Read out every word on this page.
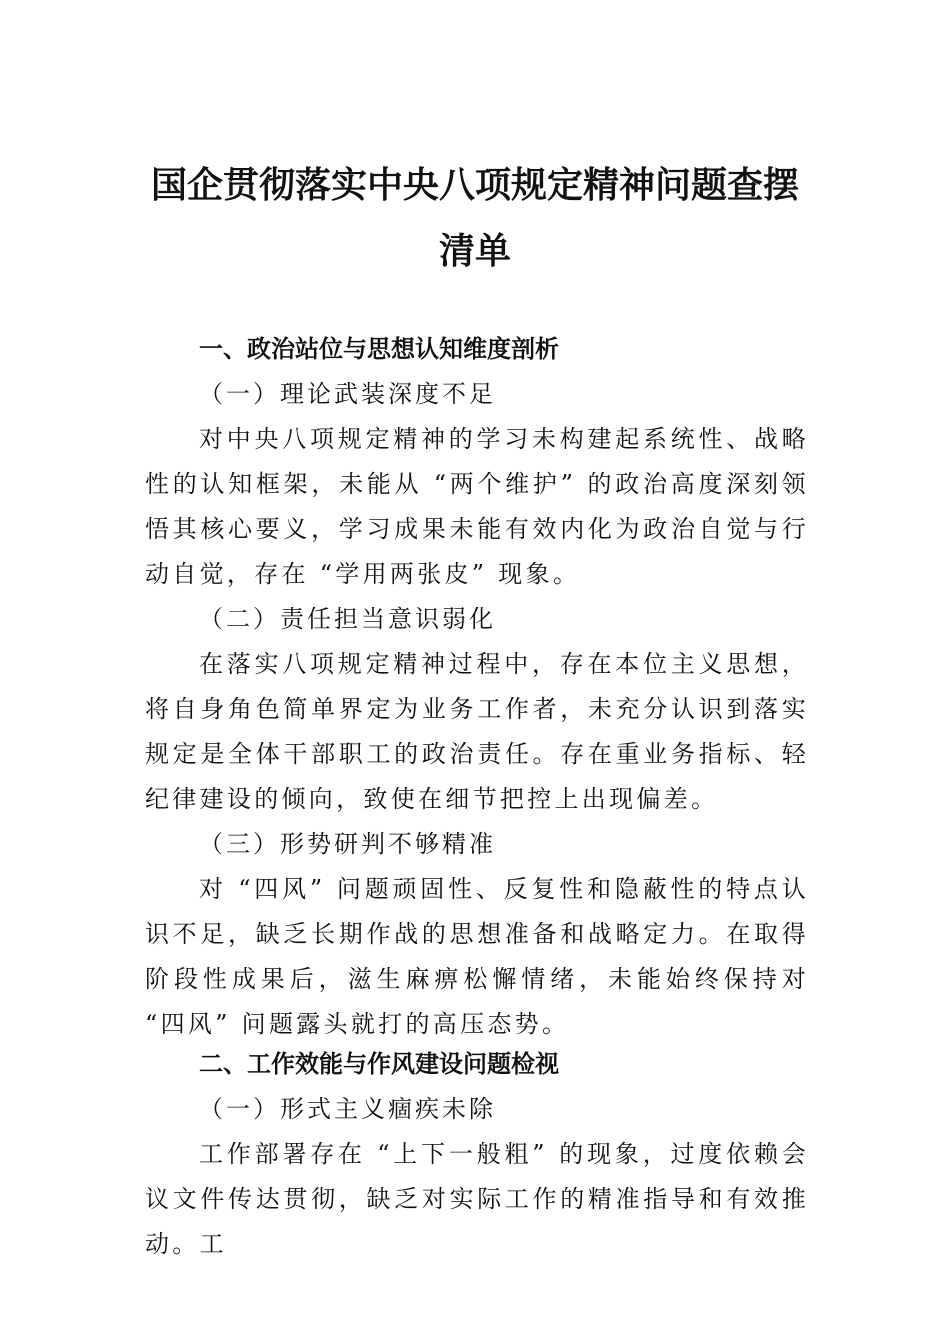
国企贯彻落实中央八项规定精神问题查摆
清单
一、政治站位与思想认知维度剖析
（一）理论武装深度不足
对中央八项规定精神的学习未构建起系统性、战略性的认知框架，未能从 “两个维护” 的政治高度深刻领悟其核心要义，学习成果未能有效内化为政治自觉与行动自觉，存在 “学用两张皮” 现象。
（二）责任担当意识弱化
在落实八项规定精神过程中，存在本位主义思想，将自身角色简单界定为业务工作者，未充分认识到落实规定是全体干部职工的政治责任。存在重业务指标、轻纪律建设的倾向，致使在细节把控上出现偏差。
（三）形势研判不够精准
对 “四风” 问题顽固性、反复性和隐蔽性的特点认识不足，缺乏长期作战的思想准备和战略定力。在取得阶段性成果后，滋生麻痹松懈情绪，未能始终保持对 “四风” 问题露头就打的高压态势。
二、工作效能与作风建设问题检视
（一）形式主义痼疾未除
工作部署存在 “上下一般粗” 的现象，过度依赖会议文件传达贯彻，缺乏对实际工作的精准指导和有效推动。工
